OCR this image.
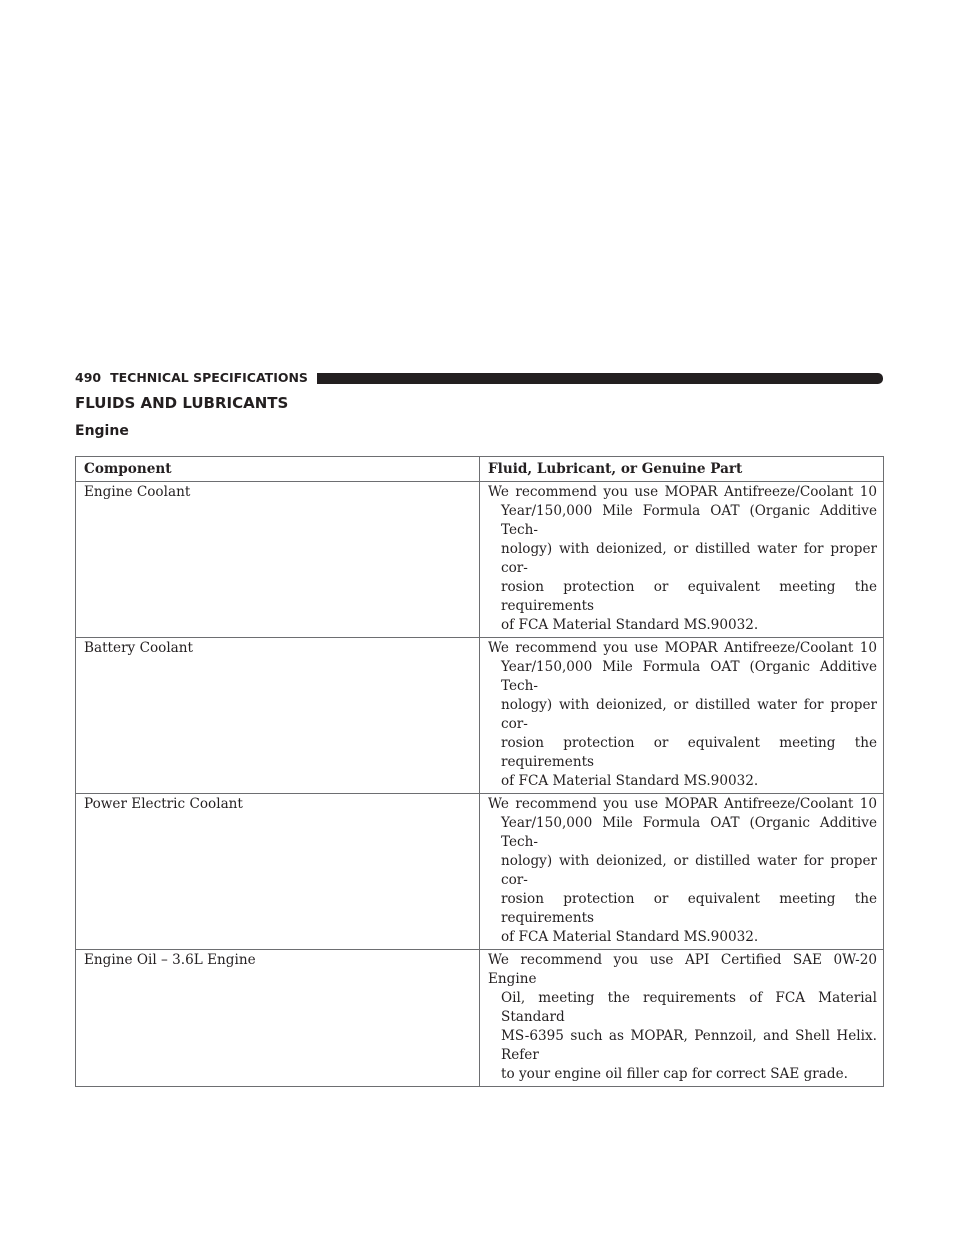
490 TECHNICAL SPECIFICATIONS
FLUIDS AND LUBRICANTS
Engine
Component	Fluid, Lubricant, or Genuine Part
Engine Coolant	We recommend you use MOPAR Antifreeze/Coolant 10
Year/150,000 Mile Formula OAT (Organic Additive Tech-
nology) with deionized, or distilled water for proper cor-
rosion protection or equivalent meeting the requirements
of FCA Material Standard MS.90032.

Battery Coolant	We recommend you use MOPAR Antifreeze/Coolant 10
Year/150,000 Mile Formula OAT (Organic Additive Tech-
nology) with deionized, or distilled water for proper cor-
rosion protection or equivalent meeting the requirements
of FCA Material Standard MS.90032.

Power Electric Coolant	We recommend you use MOPAR Antifreeze/Coolant 10
Year/150,000 Mile Formula OAT (Organic Additive Tech-
nology) with deionized, or distilled water for proper cor-
rosion protection or equivalent meeting the requirements
of FCA Material Standard MS.90032.

Engine Oil – 3.6L Engine	We recommend you use API Certified SAE 0W-20 Engine
Oil, meeting the requirements of FCA Material Standard
MS-6395 such as MOPAR, Pennzoil, and Shell Helix. Refer
to your engine oil filler cap for correct SAE grade.
